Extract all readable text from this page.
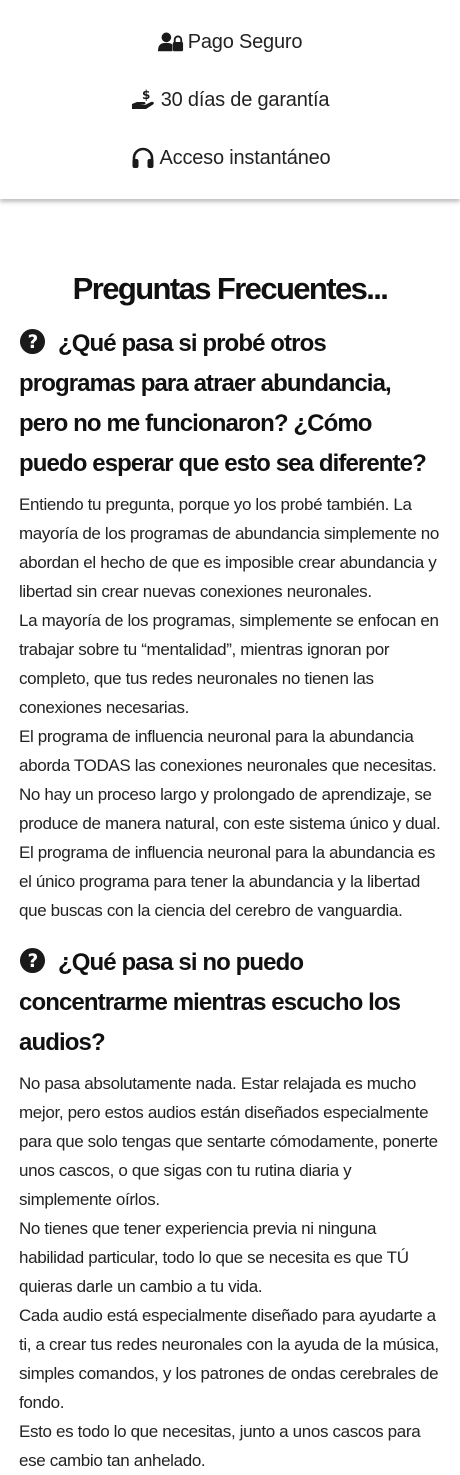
Pago Seguro
$ 30 días de garantía
Acceso instantáneo
Preguntas Frecuentes...
? ¿Qué pasa si probé otros programas para atraer abundancia, pero no me funcionaron? ¿Cómo puedo esperar que esto sea diferente?

Entiendo tu pregunta, porque yo los probé también. La mayoría de los programas de abundancia simplemente no abordan el hecho de que es imposible crear abundancia y libertad sin crear nuevas conexiones neuronales.

La mayoría de los programas, simplemente se enfocan en trabajar sobre tu “mentalidad”, mientras ignoran por completo, que tus redes neuronales no tienen las conexiones necesarias.

El programa de influencia neuronal para la abundancia aborda TODAS las conexiones neuronales que necesitas. No hay un proceso largo y prolongado de aprendizaje, se produce de manera natural, con este sistema único y dual.

El programa de influencia neuronal para la abundancia es el único programa para tener la abundancia y la libertad que buscas con la ciencia del cerebro de vanguardia.

? ¿Qué pasa si no puedo concentrarme mientras escucho los audios?

No pasa absolutamente nada. Estar relajada es mucho mejor, pero estos audios están diseñados especialmente para que solo tengas que sentarte cómodamente, ponerte unos cascos, o que sigas con tu rutina diaria y simplemente oírlos.

No tienes que tener experiencia previa ni ninguna habilidad particular, todo lo que se necesita es que TÚ quieras darle un cambio a tu vida.

Cada audio está especialmente diseñado para ayudarte a ti, a crear tus redes neuronales con la ayuda de la música, simples comandos, y los patrones de ondas cerebrales de fondo.

Esto es todo lo que necesitas, junto a unos cascos para ese cambio tan anhelado.
